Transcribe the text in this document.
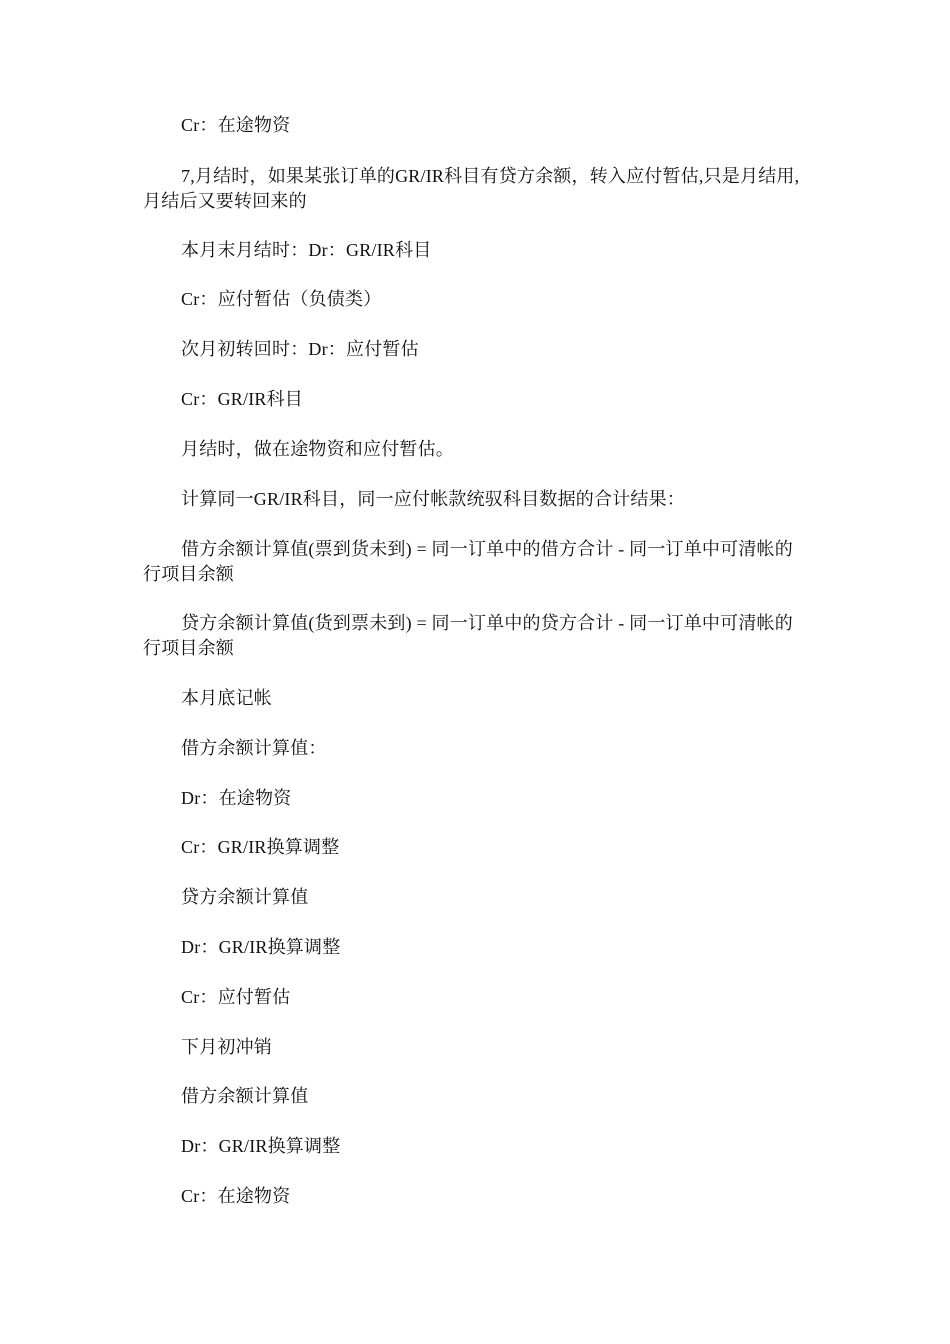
Cr：在途物资

7,月结时，如果某张订单的GR/IR科目有贷方余额，转入应付暂估,只是月结用,月结后又要转回来的

本月末月结时：Dr：GR/IR科目

Cr：应付暂估（负债类）

次月初转回时：Dr：应付暂估

Cr：GR/IR科目

月结时，做在途物资和应付暂估。

计算同一GR/IR科目，同一应付帐款统驭科目数据的合计结果：

借方余额计算值(票到货未到) = 同一订单中的借方合计 - 同一订单中可清帐的行项目余额

贷方余额计算值(货到票未到) = 同一订单中的贷方合计 - 同一订单中可清帐的行项目余额

本月底记帐

借方余额计算值：

Dr：在途物资

Cr：GR/IR换算调整

贷方余额计算值

Dr：GR/IR换算调整

Cr：应付暂估

下月初冲销

借方余额计算值

Dr：GR/IR换算调整

Cr：在途物资
